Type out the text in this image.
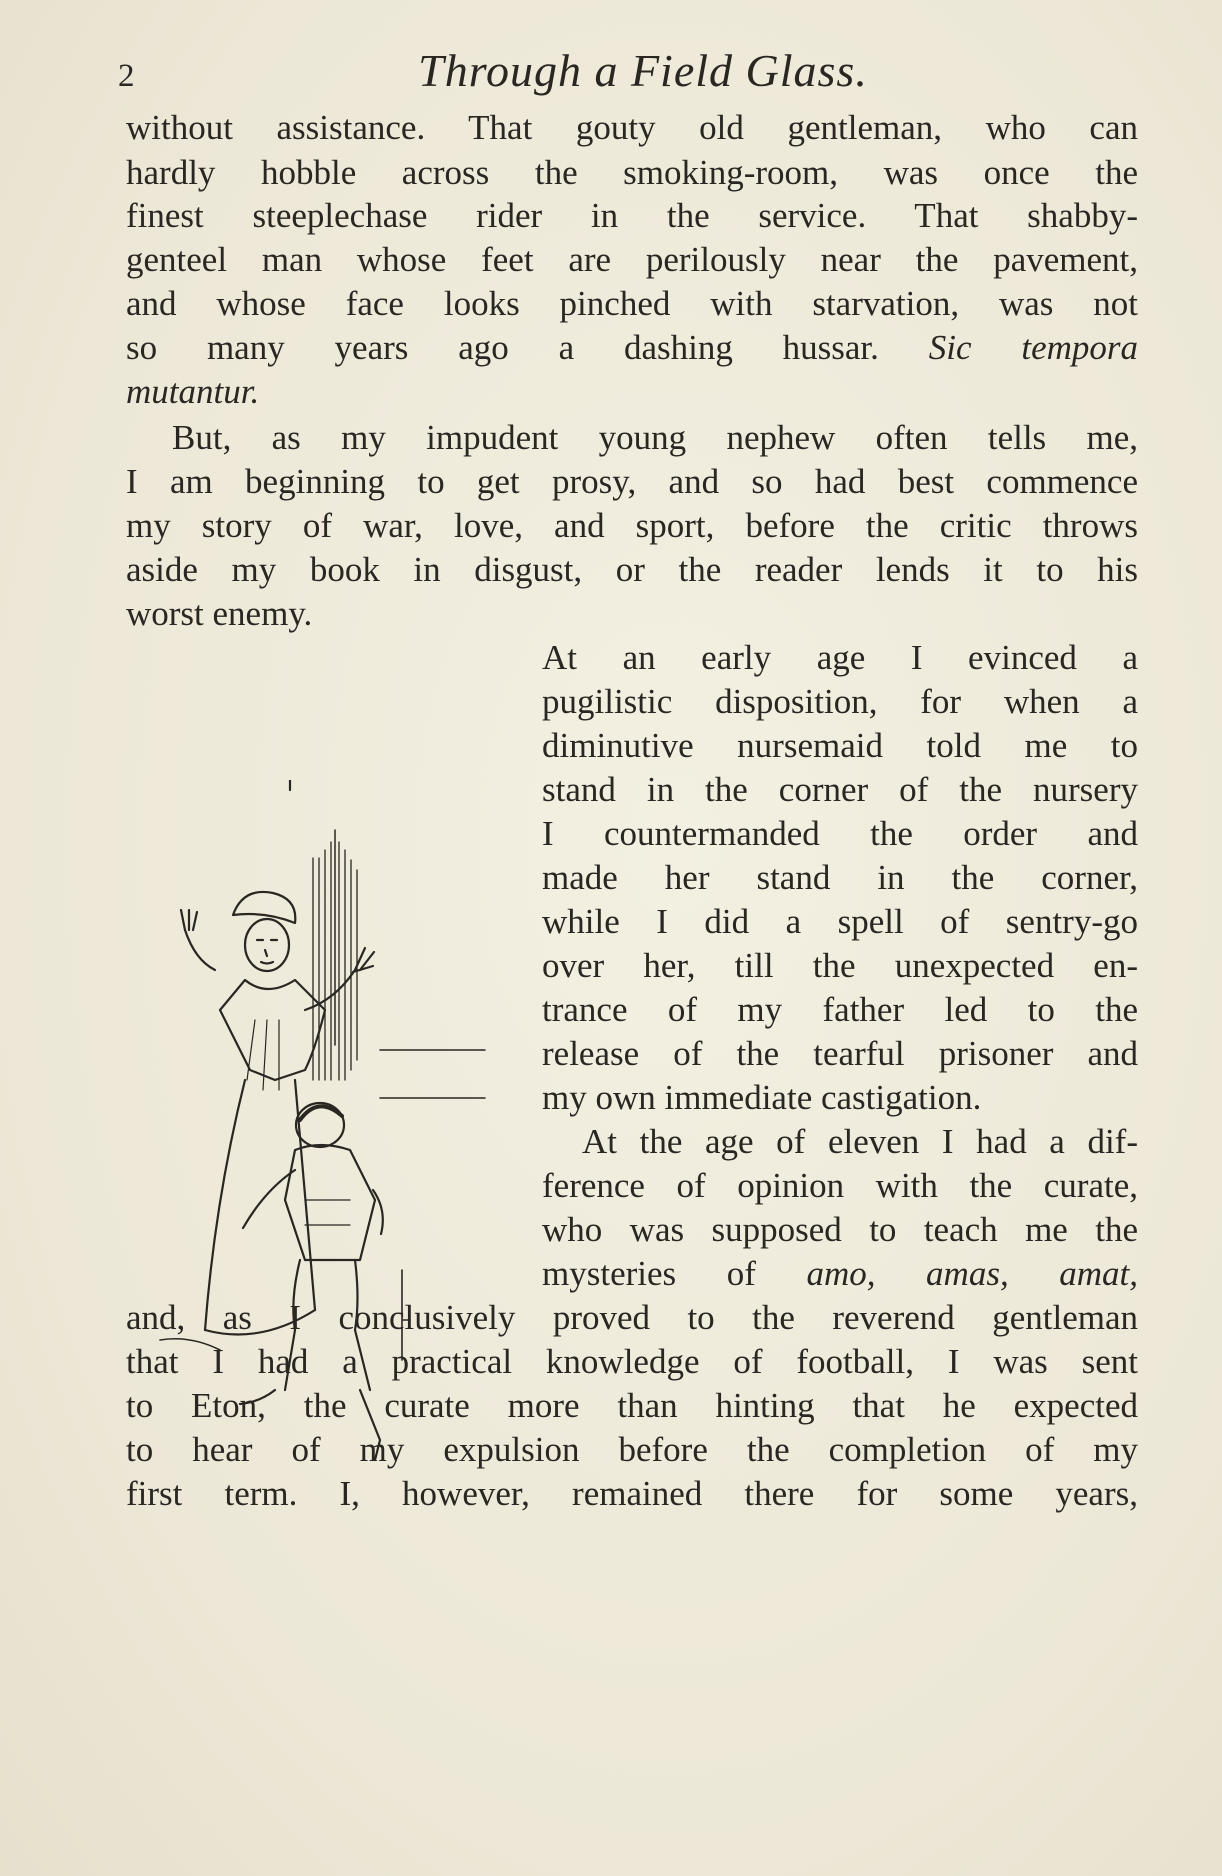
2	Through a Field Glass.
without assistance. That gouty old gentleman, who can
hardly hobble across the smoking-room, was once the
finest steeplechase rider in the service. That shabby-
genteel man whose feet are perilously near the pavement,
and whose face looks pinched with starvation, was not
so many years ago a dashing hussar. Sic tempora
mutantur.
But, as my impudent young nephew often tells me,
I am beginning to get prosy, and so had best commence
my story of war, love, and sport, before the critic throws
aside my book in disgust, or the reader lends it to his
worst enemy.
At an early age I evinced a
pugilistic disposition, for when a
diminutive nursemaid told me to
stand in the corner of the nursery
I countermanded the order and
made her stand in the corner,
while I did a spell of sentry-go
over her, till the unexpected en-
trance of my father led to the
release of the tearful prisoner and
my own immediate castigation.
At the age of eleven I had a dif-
ference of opinion with the curate,
who was supposed to teach me the
mysteries of amo, amas, amat,
and, as I conclusively proved to the reverend gentleman
that I had a practical knowledge of football, I was sent
to Eton, the curate more than hinting that he expected
to hear of my expulsion before the completion of my
first term. I, however, remained there for some years,
